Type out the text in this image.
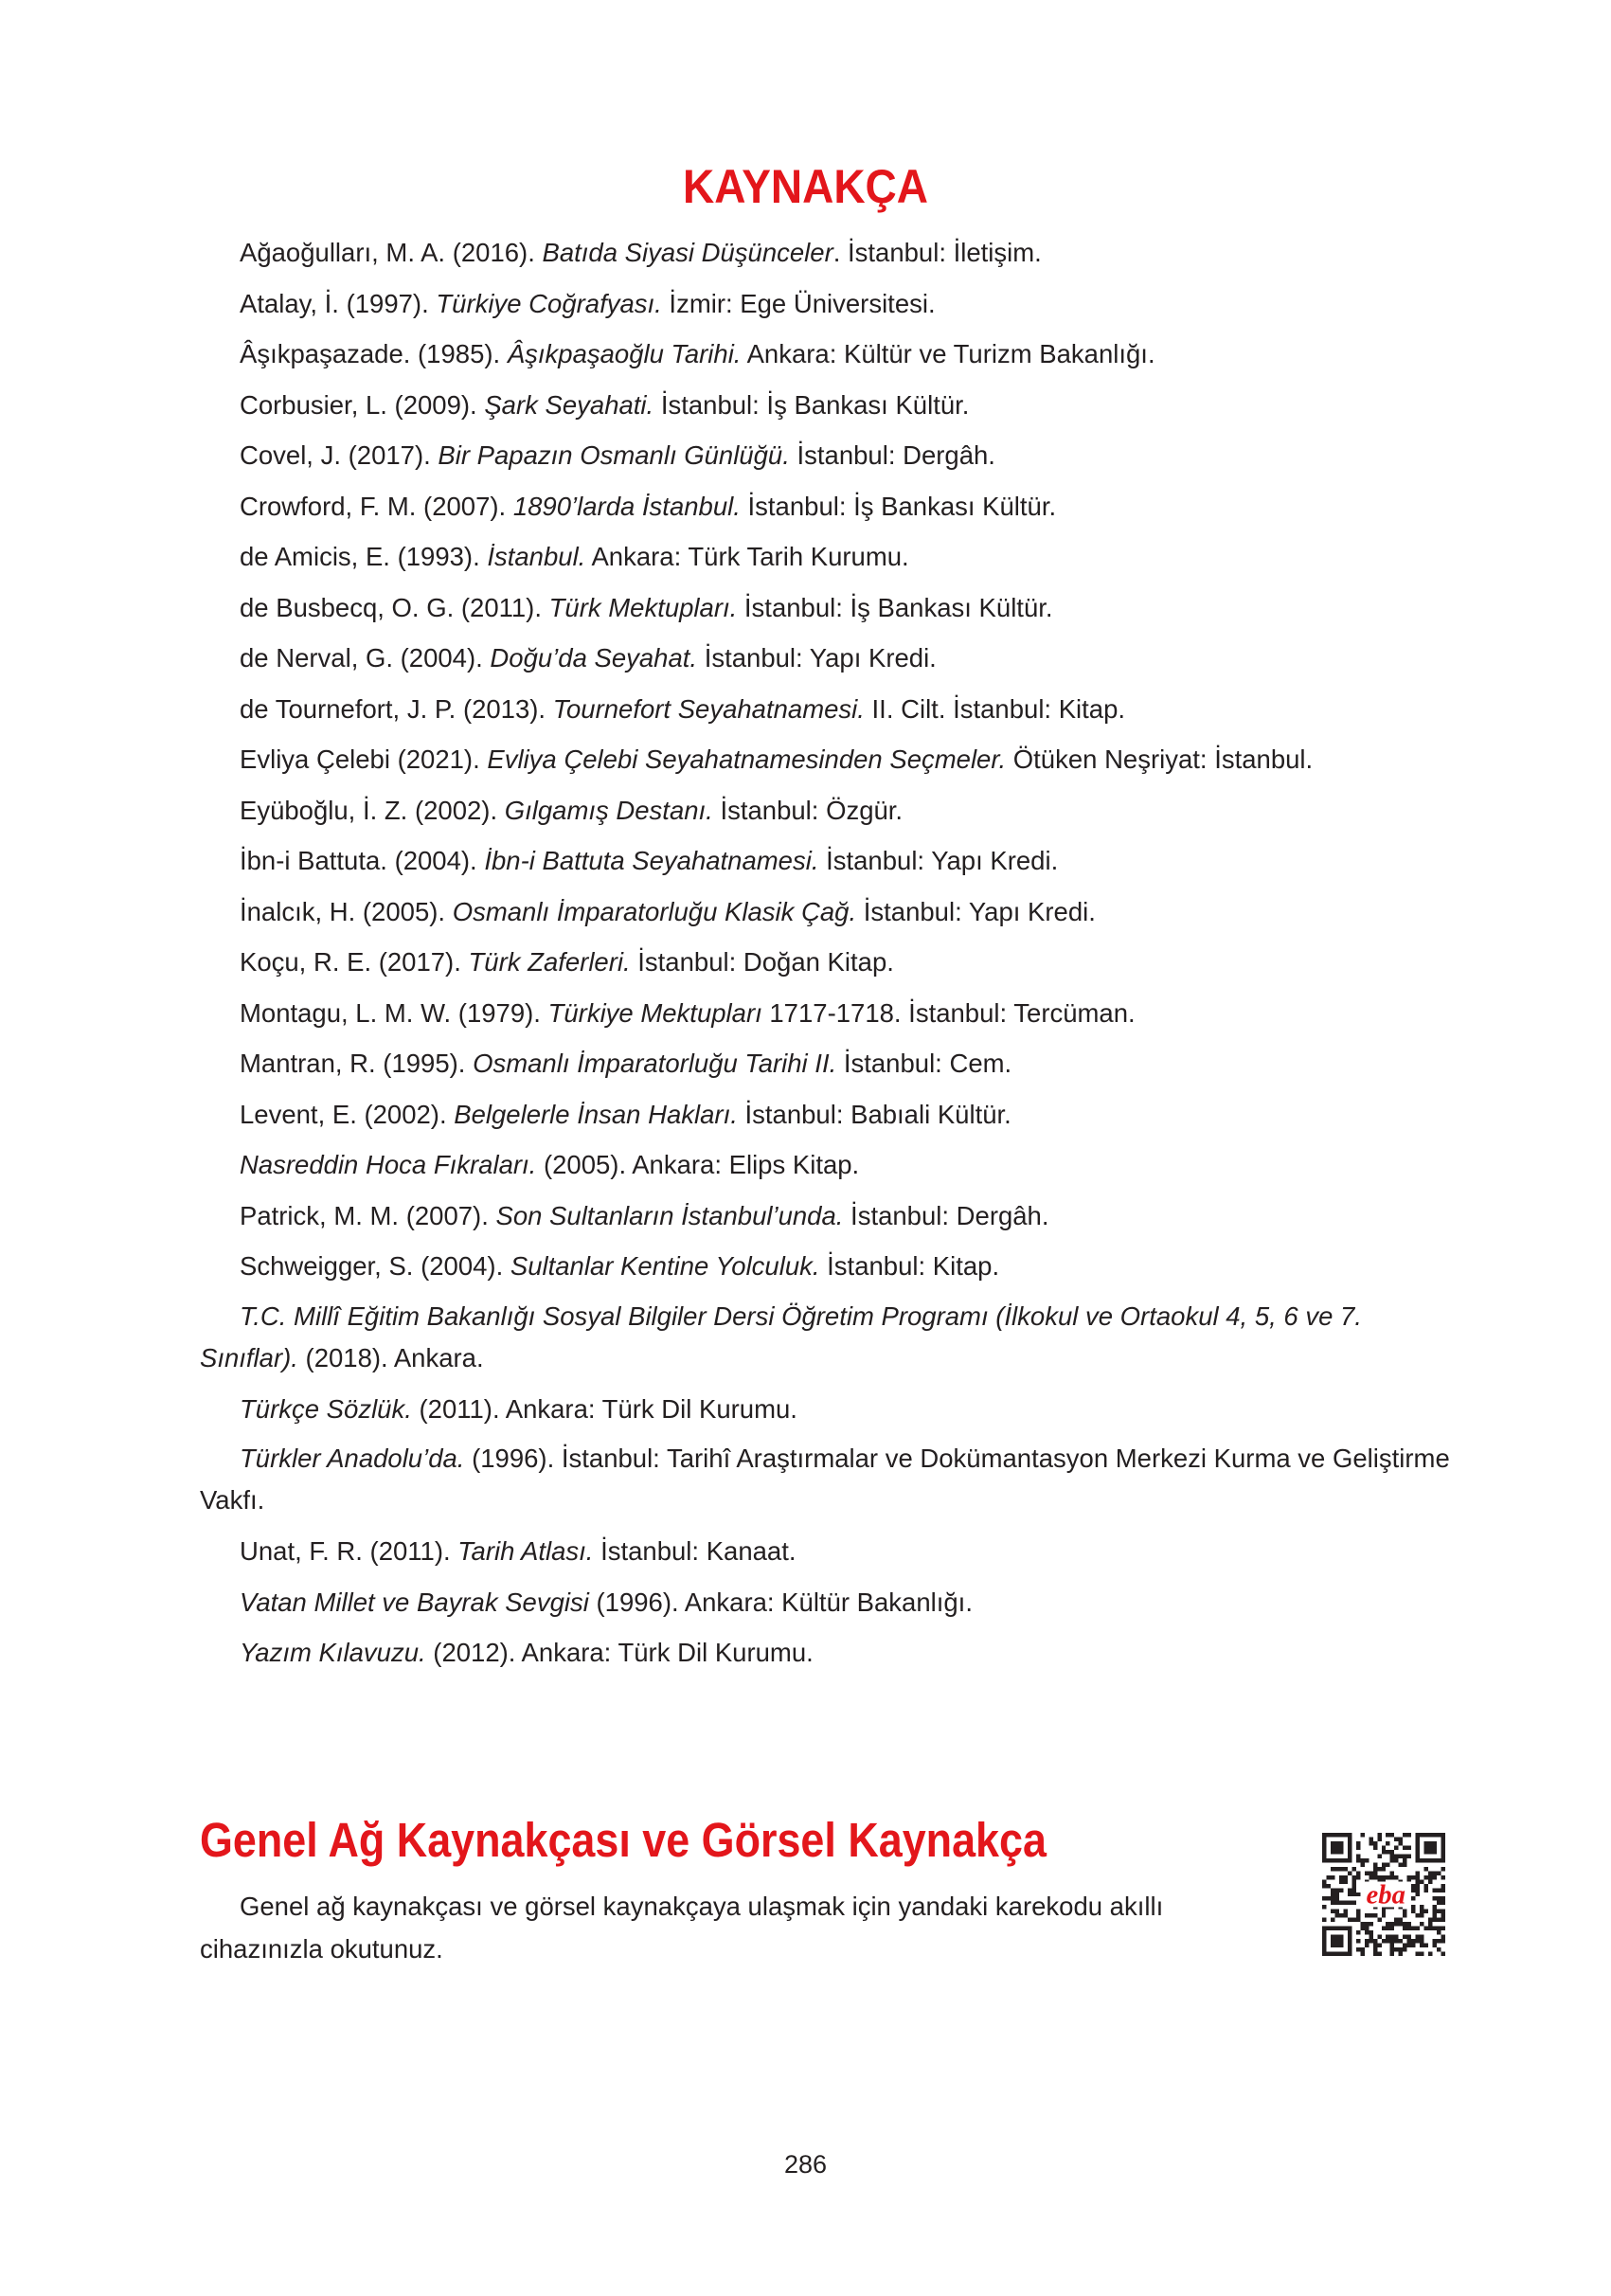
KAYNAKÇA

Ağaoğulları, M. A. (2016). Batıda Siyasi Düşünceler. İstanbul: İletişim.

Atalay, İ. (1997). Türkiye Coğrafyası. İzmir: Ege Üniversitesi.

Âşıkpaşazade. (1985). Âşıkpaşaoğlu Tarihi. Ankara: Kültür ve Turizm Bakanlığı.

Corbusier, L. (2009). Şark Seyahati. İstanbul: İş Bankası Kültür.

Covel, J. (2017). Bir Papazın Osmanlı Günlüğü. İstanbul: Dergâh.

Crowford, F. M. (2007). 1890’larda İstanbul. İstanbul: İş Bankası Kültür.

de Amicis, E. (1993). İstanbul. Ankara: Türk Tarih Kurumu.

de Busbecq, O. G. (2011). Türk Mektupları. İstanbul: İş Bankası Kültür.

de Nerval, G. (2004). Doğu’da Seyahat. İstanbul: Yapı Kredi.

de Tournefort, J. P. (2013). Tournefort Seyahatnamesi. II. Cilt. İstanbul: Kitap.

Evliya Çelebi (2021). Evliya Çelebi Seyahatnamesinden Seçmeler. Ötüken Neşriyat: İstanbul.

Eyüboğlu, İ. Z. (2002). Gılgamış Destanı. İstanbul: Özgür.

İbn-i Battuta. (2004). İbn-i Battuta Seyahatnamesi. İstanbul: Yapı Kredi.

İnalcık, H. (2005). Osmanlı İmparatorluğu Klasik Çağ. İstanbul: Yapı Kredi.

Koçu, R. E. (2017). Türk Zaferleri. İstanbul: Doğan Kitap.

Montagu, L. M. W. (1979). Türkiye Mektupları 1717-1718. İstanbul: Tercüman.

Mantran, R. (1995). Osmanlı İmparatorluğu Tarihi II. İstanbul: Cem.

Levent, E. (2002). Belgelerle İnsan Hakları. İstanbul: Babıali Kültür.

Nasreddin Hoca Fıkraları. (2005). Ankara: Elips Kitap.

Patrick, M. M. (2007). Son Sultanların İstanbul’unda. İstanbul: Dergâh.

Schweigger, S. (2004). Sultanlar Kentine Yolculuk. İstanbul: Kitap.

T.C. Millî Eğitim Bakanlığı Sosyal Bilgiler Dersi Öğretim Programı (İlkokul ve Ortaokul 4, 5, 6 ve 7. Sınıflar). (2018). Ankara.

Türkçe Sözlük. (2011). Ankara: Türk Dil Kurumu.

Türkler Anadolu’da. (1996). İstanbul: Tarihî Araştırmalar ve Dokümantasyon Merkezi Kurma ve Geliştirme Vakfı.

Unat, F. R. (2011). Tarih Atlası. İstanbul: Kanaat.

Vatan Millet ve Bayrak Sevgisi (1996). Ankara: Kültür Bakanlığı.

Yazım Kılavuzu. (2012). Ankara: Türk Dil Kurumu.

Genel Ağ Kaynakçası ve Görsel Kaynakça
Genel ağ kaynakçası ve görsel kaynakçaya ulaşmak için yandaki karekodu akıllı cihazınızla okutunuz.
eba
286
